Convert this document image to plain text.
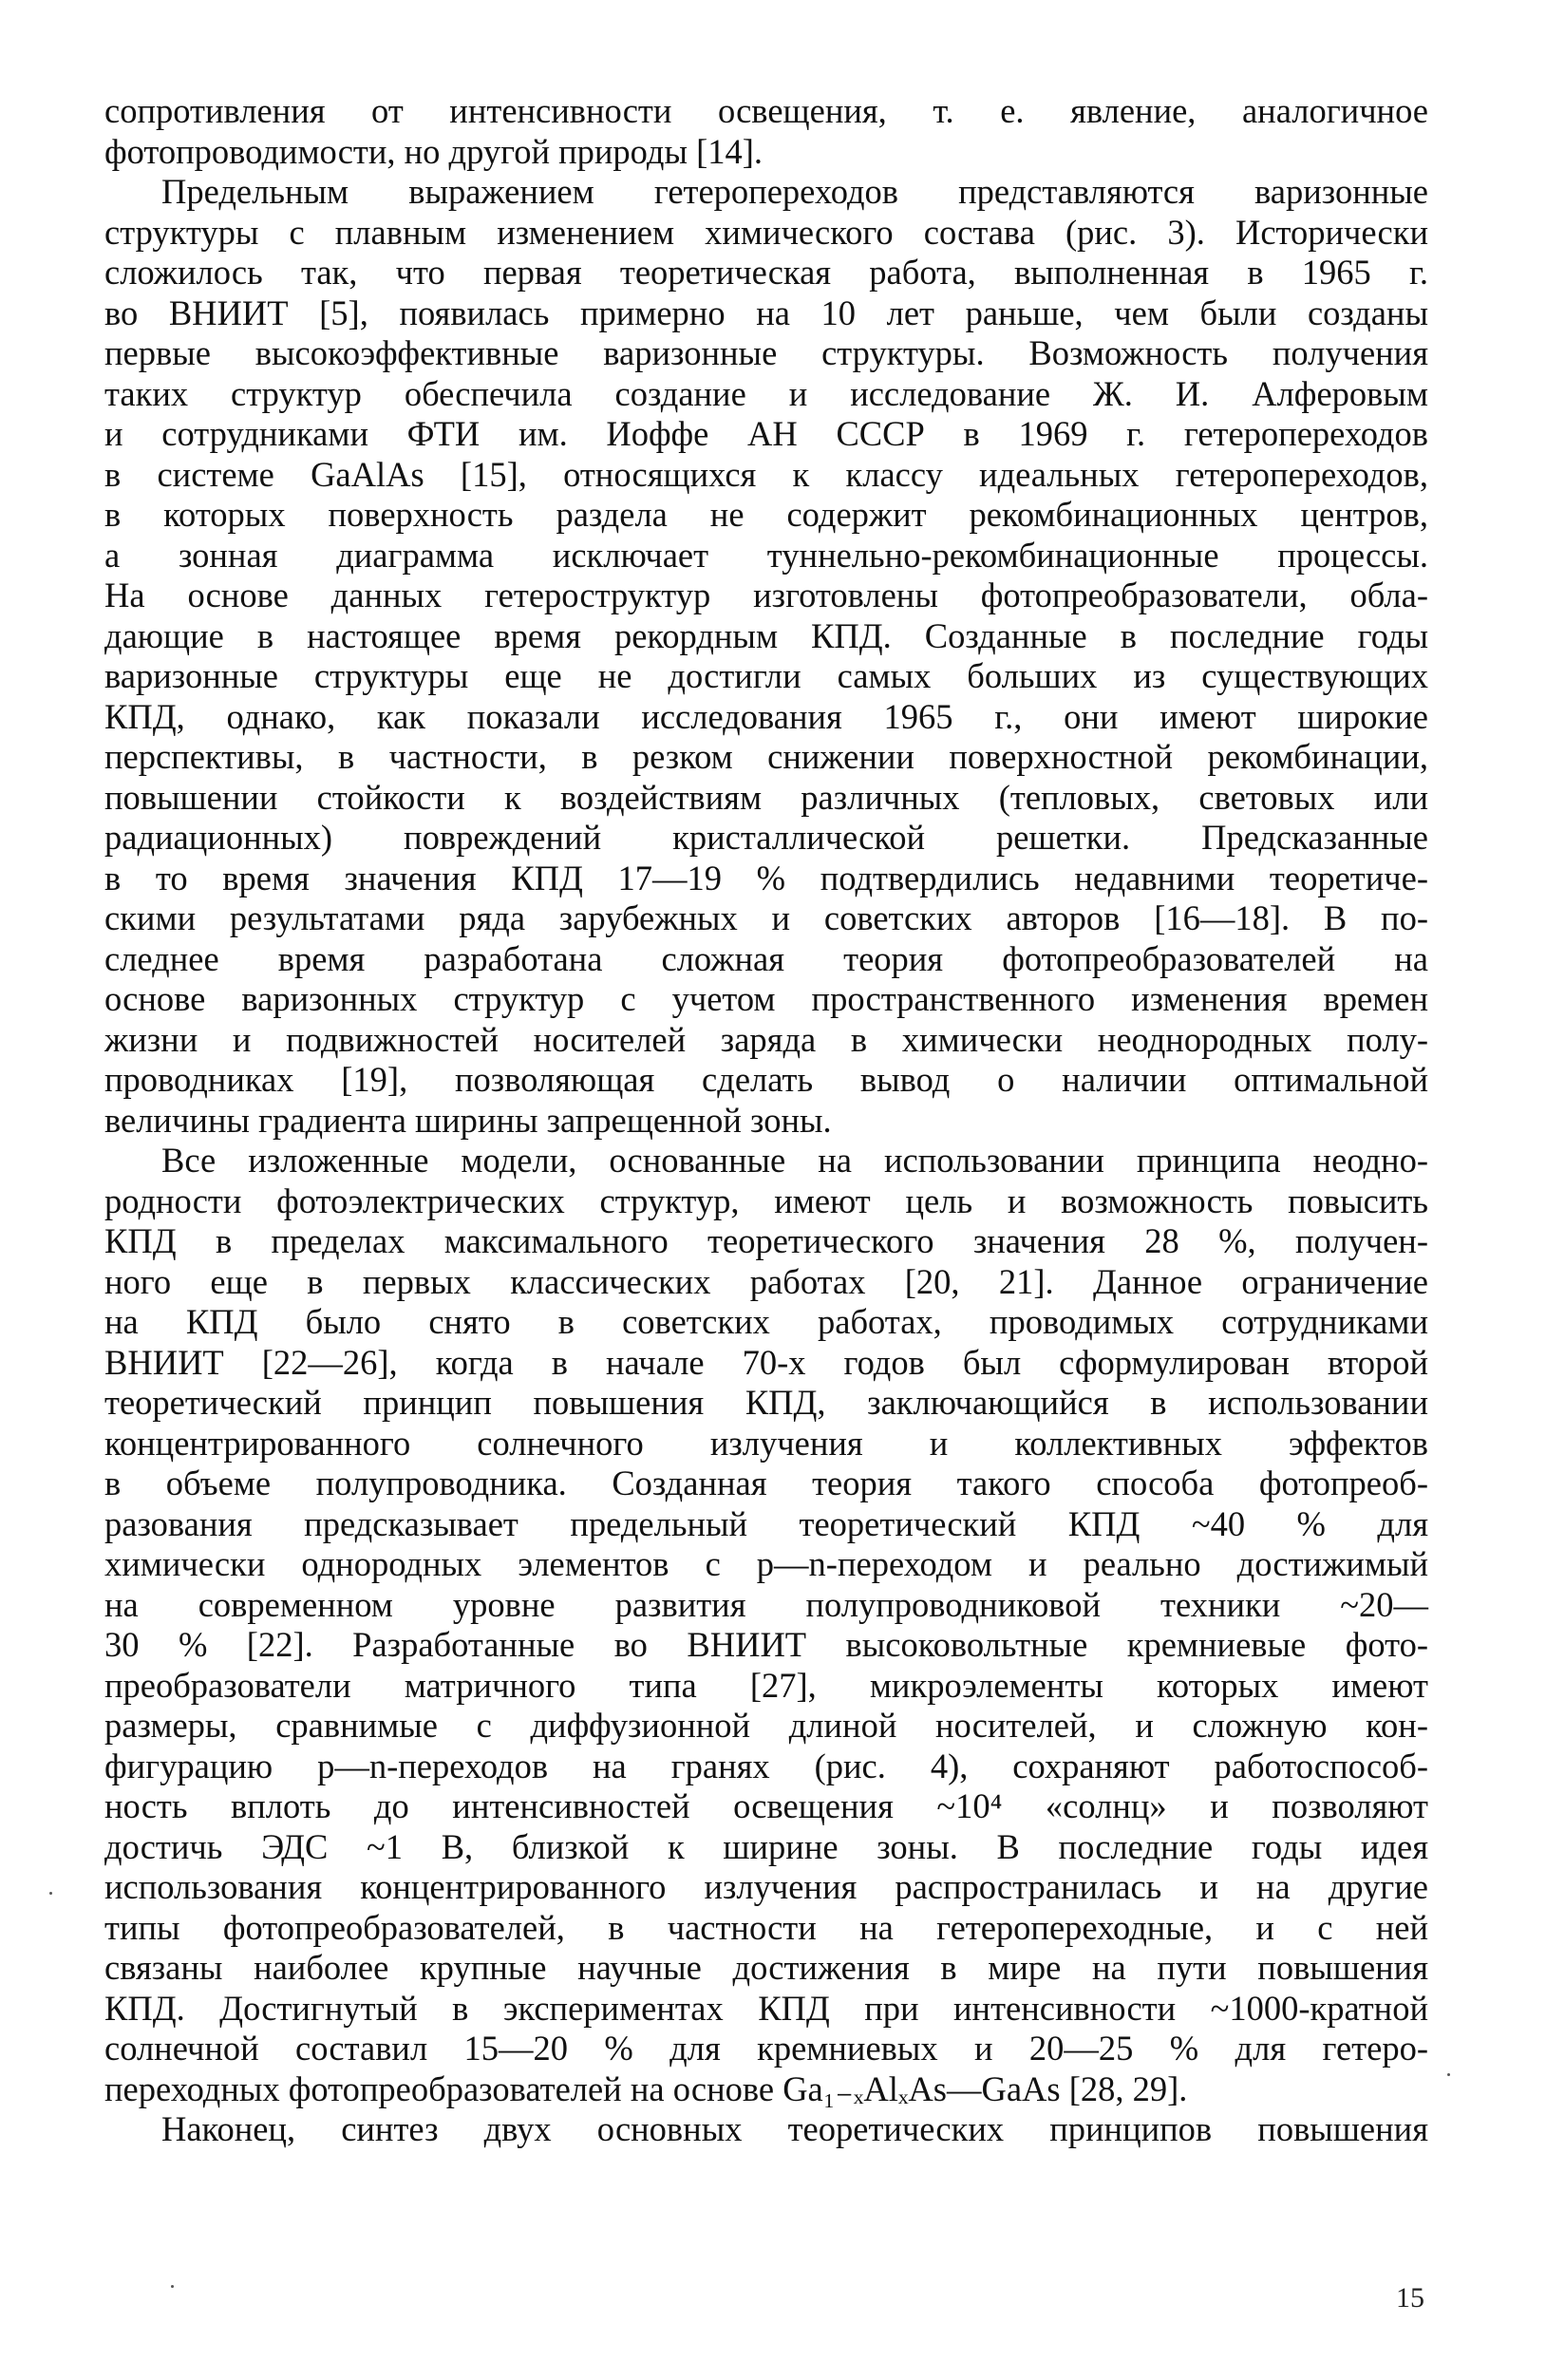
сопротивления от интенсивности освещения, т. е. явление, аналогичное
фотопроводимости, но другой природы [14].
Предельным выражением гетеропереходов представляются варизонные
структуры с плавным изменением химического состава (рис. 3). Исторически
сложилось так, что первая теоретическая работа, выполненная в 1965 г.
во ВНИИТ [5], появилась примерно на 10 лет раньше, чем были созданы
первые высокоэффективные варизонные структуры. Возможность получения
таких структур обеспечила создание и исследование Ж. И. Алферовым
и сотрудниками ФТИ им. Иоффе АН СССР в 1969 г. гетеропереходов
в системе GaAlAs [15], относящихся к классу идеальных гетеропереходов,
в которых поверхность раздела не содержит рекомбинационных центров,
а зонная диаграмма исключает туннельно-рекомбинационные процессы.
На основе данных гетероструктур изготовлены фотопреобразователи, обла-
дающие в настоящее время рекордным КПД. Созданные в последние годы
варизонные структуры еще не достигли самых больших из существующих
КПД, однако, как показали исследования 1965 г., они имеют широкие
перспективы, в частности, в резком снижении поверхностной рекомбинации,
повышении стойкости к воздействиям различных (тепловых, световых или
радиационных) повреждений кристаллической решетки. Предсказанные
в то время значения КПД 17—19 % подтвердились недавними теоретиче-
скими результатами ряда зарубежных и советских авторов [16—18]. В по-
следнее время разработана сложная теория фотопреобразователей на
основе варизонных структур с учетом пространственного изменения времен
жизни и подвижностей носителей заряда в химически неоднородных полу-
проводниках [19], позволяющая сделать вывод о наличии оптимальной
величины градиента ширины запрещенной зоны.
Все изложенные модели, основанные на использовании принципа неодно-
родности фотоэлектрических структур, имеют цель и возможность повысить
КПД в пределах максимального теоретического значения 28 %, получен-
ного еще в первых классических работах [20, 21]. Данное ограничение
на КПД было снято в советских работах, проводимых сотрудниками
ВНИИТ [22—26], когда в начале 70-х годов был сформулирован второй
теоретический принцип повышения КПД, заключающийся в использовании
концентрированного солнечного излучения и коллективных эффектов
в объеме полупроводника. Созданная теория такого способа фотопреоб-
разования предсказывает предельный теоретический КПД ~40 % для
химически однородных элементов с p—n-переходом и реально достижимый
на современном уровне развития полупроводниковой техники ~20—
30 % [22]. Разработанные во ВНИИТ высоковольтные кремниевые фото-
преобразователи матричного типа [27], микроэлементы которых имеют
размеры, сравнимые с диффузионной длиной носителей, и сложную кон-
фигурацию p—n-переходов на гранях (рис. 4), сохраняют работоспособ-
ность вплоть до интенсивностей освещения ~10⁴ «солнц» и позволяют
достичь ЭДС ~1 В, близкой к ширине зоны. В последние годы идея
использования концентрированного излучения распространилась и на другие
типы фотопреобразователей, в частности на гетеропереходные, и с ней
связаны наиболее крупные научные достижения в мире на пути повышения
КПД. Достигнутый в экспериментах КПД при интенсивности ~1000-кратной
солнечной составил 15—20 % для кремниевых и 20—25 % для гетеро-
переходных фотопреобразователей на основе Ga₁₋ₓAlₓAs—GaAs [28, 29].
Наконец, синтез двух основных теоретических принципов повышения
15
